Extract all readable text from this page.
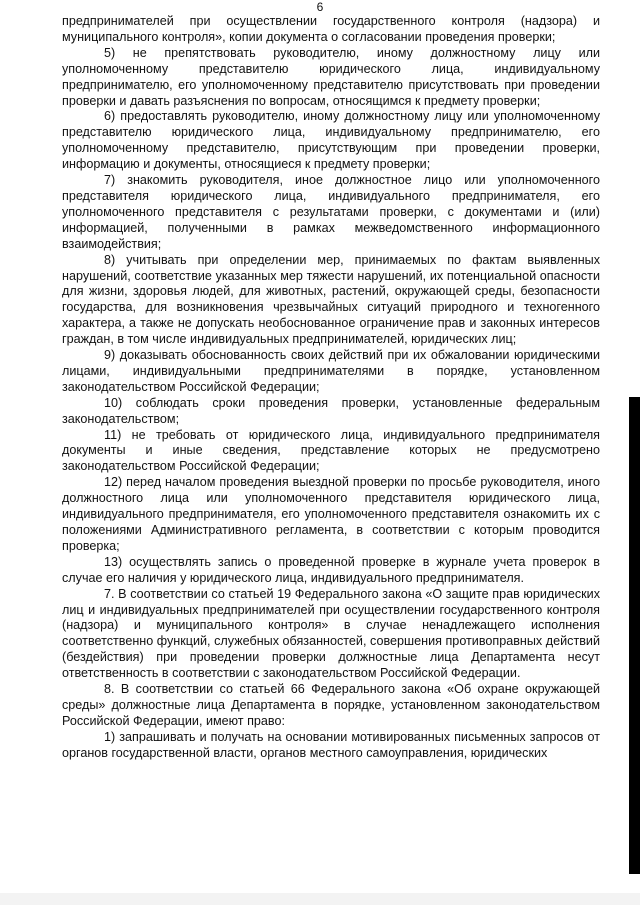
6

предпринимателей при осуществлении государственного контроля (надзора) и муниципального контроля», копии документа о согласовании проведения проверки;

5) не препятствовать руководителю, иному должностному лицу или уполномоченному представителю юридического лица, индивидуальному предпринимателю, его уполномоченному представителю присутствовать при проведении проверки и давать разъяснения по вопросам, относящимся к предмету проверки;

6) предоставлять руководителю, иному должностному лицу или уполномоченному представителю юридического лица, индивидуальному предпринимателю, его уполномоченному представителю, присутствующим при проведении проверки, информацию и документы, относящиеся к предмету проверки;

7) знакомить руководителя, иное должностное лицо или уполномоченного представителя юридического лица, индивидуального предпринимателя, его уполномоченного представителя с результатами проверки, с документами и (или) информацией, полученными в рамках межведомственного информационного взаимодействия;

8) учитывать при определении мер, принимаемых по фактам выявленных нарушений, соответствие указанных мер тяжести нарушений, их потенциальной опасности для жизни, здоровья людей, для животных, растений, окружающей среды, безопасности государства, для возникновения чрезвычайных ситуаций природного и техногенного характера, а также не допускать необоснованное ограничение прав и законных интересов граждан, в том числе индивидуальных предпринимателей, юридических лиц;

9) доказывать обоснованность своих действий при их обжаловании юридическими лицами, индивидуальными предпринимателями в порядке, установленном законодательством Российской Федерации;

10) соблюдать сроки проведения проверки, установленные федеральным законодательством;

11) не требовать от юридического лица, индивидуального предпринимателя документы и иные сведения, представление которых не предусмотрено законодательством Российской Федерации;

12) перед началом проведения выездной проверки по просьбе руководителя, иного должностного лица или уполномоченного представителя юридического лица, индивидуального предпринимателя, его уполномоченного представителя ознакомить их с положениями Административного регламента, в соответствии с которым проводится проверка;

13) осуществлять запись о проведенной проверке в журнале учета проверок в случае его наличия у юридического лица, индивидуального предпринимателя.

7. В соответствии со статьей 19 Федерального закона «О защите прав юридических лиц и индивидуальных предпринимателей при осуществлении государственного контроля (надзора) и муниципального контроля» в случае ненадлежащего исполнения соответственно функций, служебных обязанностей, совершения противоправных действий (бездействия) при проведении проверки должностные лица Департамента несут ответственность в соответствии с законодательством Российской Федерации.

8. В соответствии со статьей 66 Федерального закона «Об охране окружающей среды» должностные лица Департамента в порядке, установленном законодательством Российской Федерации, имеют право:

1) запрашивать и получать на основании мотивированных письменных запросов от органов государственной власти, органов местного самоуправления, юридических
